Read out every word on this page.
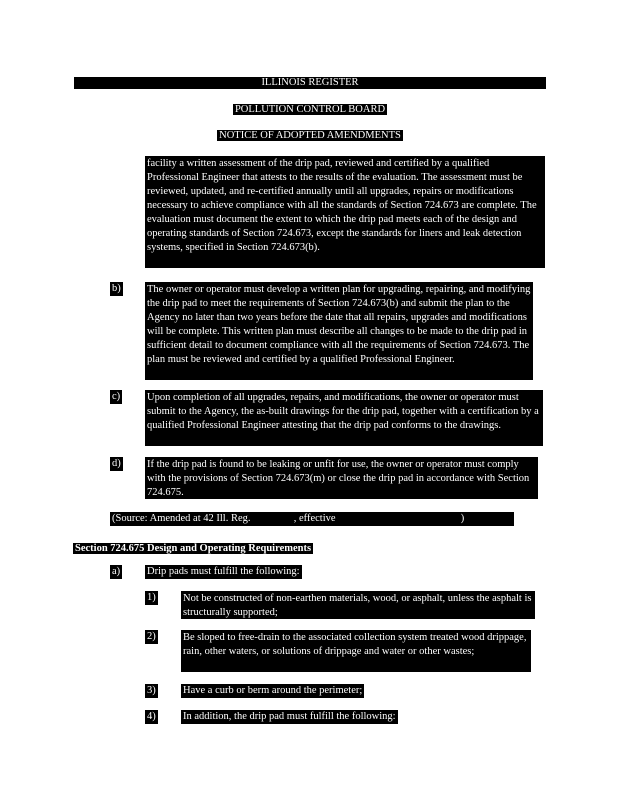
ILLINOIS REGISTER
POLLUTION CONTROL BOARD
NOTICE OF ADOPTED AMENDMENTS
facility a written assessment of the drip pad, reviewed and certified by a qualified Professional Engineer that attests to the results of the evaluation. The assessment must be reviewed, updated, and re-certified annually until all upgrades, repairs or modifications necessary to achieve compliance with all the standards of Section 724.673 are complete. The evaluation must document the extent to which the drip pad meets each of the design and operating standards of Section 724.673, except the standards for liners and leak detection systems, specified in Section 724.673(b).
b)	The owner or operator must develop a written plan for upgrading, repairing, and modifying the drip pad to meet the requirements of Section 724.673(b) and submit the plan to the Agency no later than two years before the date that all repairs, upgrades and modifications will be complete. This written plan must describe all changes to be made to the drip pad in sufficient detail to document compliance with all the requirements of Section 724.673. The plan must be reviewed and certified by a qualified Professional Engineer.
c)	Upon completion of all upgrades, repairs, and modifications, the owner or operator must submit to the Agency, the as-built drawings for the drip pad, together with a certification by a qualified Professional Engineer attesting that the drip pad conforms to the drawings.
d)	If the drip pad is found to be leaking or unfit for use, the owner or operator must comply with the provisions of Section 724.673(m) or close the drip pad in accordance with Section 724.675.
(Source: Amended at 42 Ill. Reg.	, effective	)
Section 724.675 Design and Operating Requirements
a)	Drip pads must fulfill the following:
1)	Not be constructed of non-earthen materials, wood, or asphalt, unless the asphalt is structurally supported;
2)	Be sloped to free-drain to the associated collection system treated wood drippage, rain, other waters, or solutions of drippage and water or other wastes;
3)	Have a curb or berm around the perimeter;
4)	In addition, the drip pad must fulfill the following:
